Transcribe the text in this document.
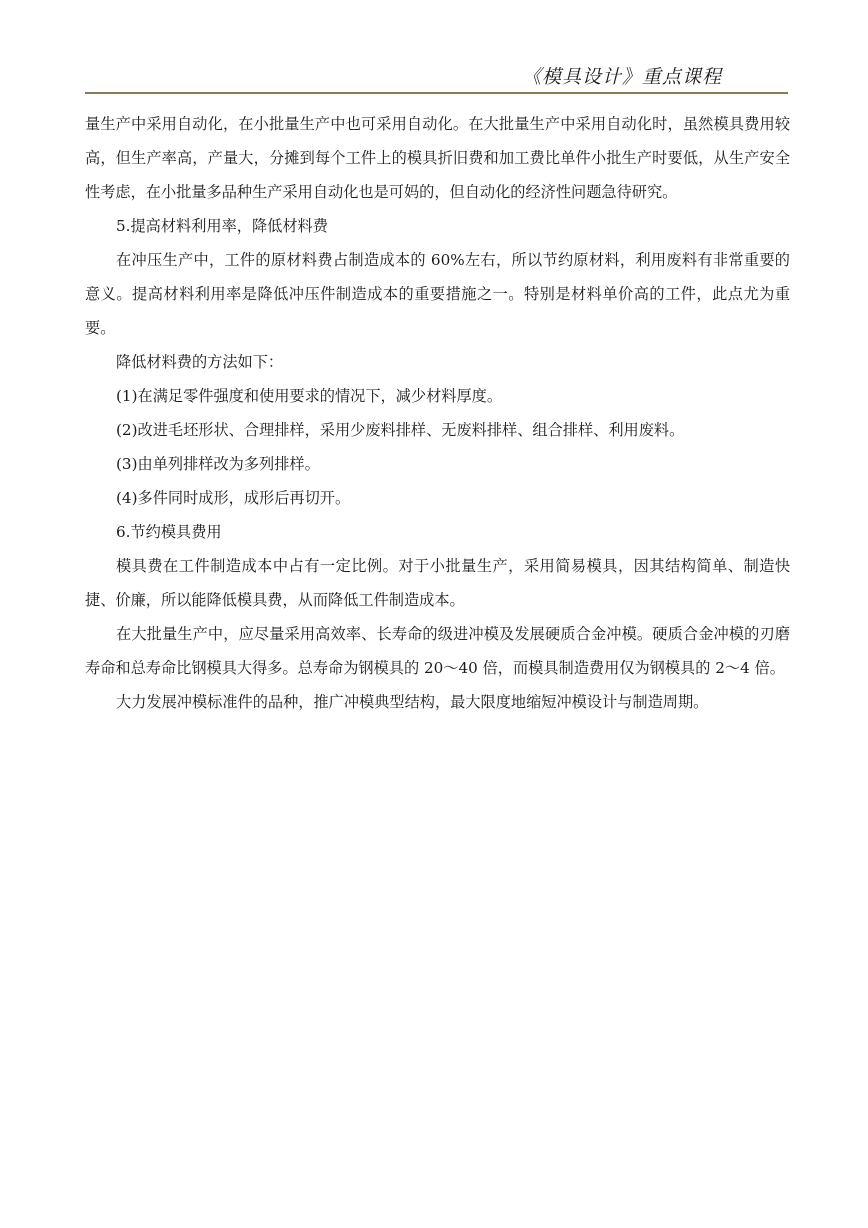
《模具设计》重点课程

量生产中采用自动化，在小批量生产中也可采用自动化。在大批量生产中采用自动化时，虽然模具费用较高，但生产率高，产量大，分摊到每个工件上的模具折旧费和加工费比单件小批生产时要低，从生产安全性考虑，在小批量多品种生产采用自动化也是可妈的，但自动化的经济性问题急待研究。

5.提高材料利用率，降低材料费

在冲压生产中，工件的原材料费占制造成本的 60%左右，所以节约原材料，利用废料有非常重要的意义。提高材料利用率是降低冲压件制造成本的重要措施之一。特别是材料单价高的工件，此点尤为重要。

降低材料费的方法如下：

(1)在满足零件强度和使用要求的情况下，减少材料厚度。

(2)改进毛坯形状、合理排样，采用少废料排样、无废料排样、组合排样、利用废料。

(3)由单列排样改为多列排样。

(4)多件同时成形，成形后再切开。

6.节约模具费用

模具费在工件制造成本中占有一定比例。对于小批量生产，采用简易模具，因其结构简单、制造快捷、价廉，所以能降低模具费，从而降低工件制造成本。

在大批量生产中，应尽量采用高效率、长寿命的级进冲模及发展硬质合金冲模。硬质合金冲模的刃磨寿命和总寿命比钢模具大得多。总寿命为钢模具的 20～40 倍，而模具制造费用仅为钢模具的 2～4 倍。

大力发展冲模标准件的品种，推广冲模典型结构，最大限度地缩短冲模设计与制造周期。
